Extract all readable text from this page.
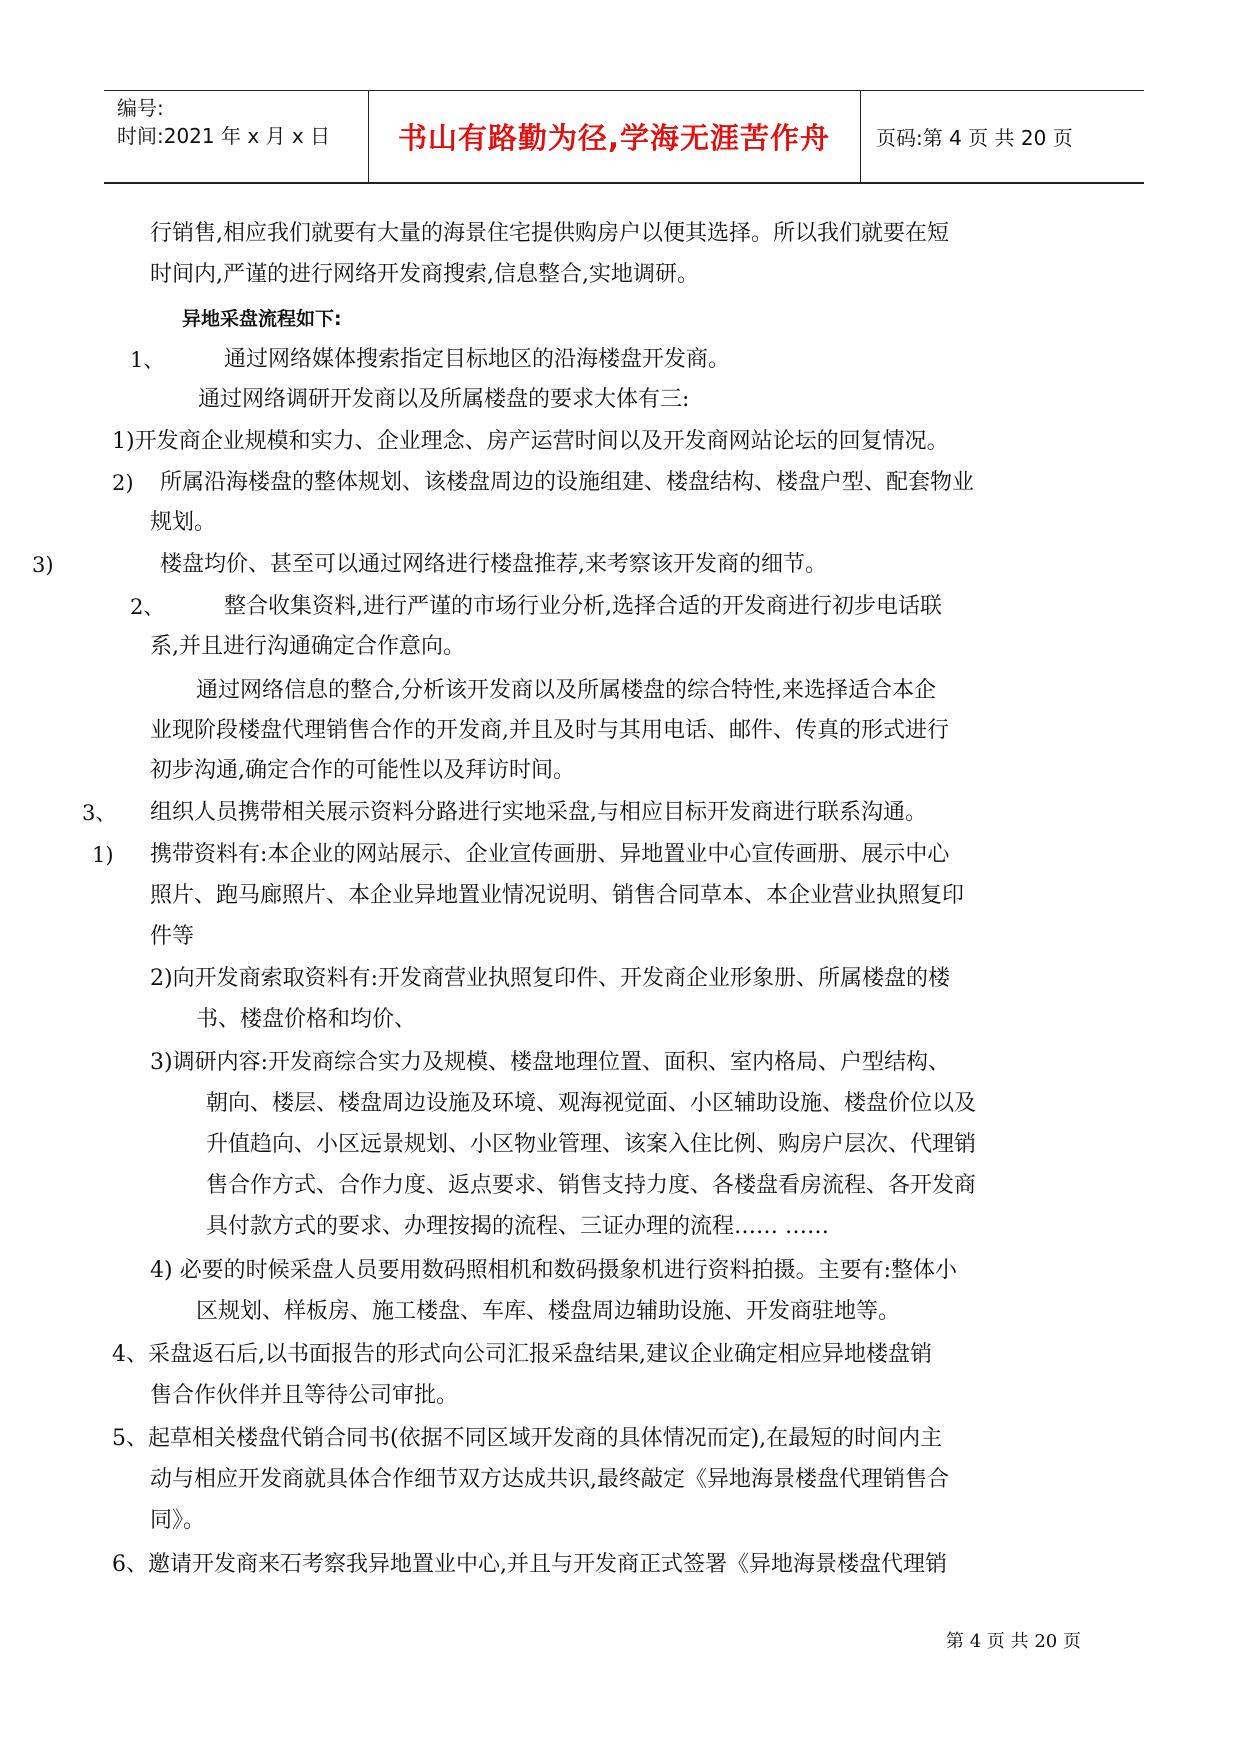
编号:
时间:2021 年 x 月 x 日	书山有路勤为径,学海无涯苦作舟	页码:第 4 页 共 20 页
行销售,相应我们就要有大量的海景住宅提供购房户以便其选择。所以我们就要在短
时间内,严谨的进行网络开发商搜索,信息整合,实地调研。
异地采盘流程如下:
1、	通过网络媒体搜索指定目标地区的沿海楼盘开发商。
通过网络调研开发商以及所属楼盘的要求大体有三:
1)开发商企业规模和实力、企业理念、房产运营时间以及开发商网站论坛的回复情况。
2) 所属沿海楼盘的整体规划、该楼盘周边的设施组建、楼盘结构、楼盘户型、配套物业
规划。
3)	楼盘均价、甚至可以通过网络进行楼盘推荐,来考察该开发商的细节。
2、	整合收集资料,进行严谨的市场行业分析,选择合适的开发商进行初步电话联
系,并且进行沟通确定合作意向。
通过网络信息的整合,分析该开发商以及所属楼盘的综合特性,来选择适合本企
业现阶段楼盘代理销售合作的开发商,并且及时与其用电话、邮件、传真的形式进行
初步沟通,确定合作的可能性以及拜访时间。
3、 组织人员携带相关展示资料分路进行实地采盘,与相应目标开发商进行联系沟通。
1) 携带资料有:本企业的网站展示、企业宣传画册、异地置业中心宣传画册、展示中心
照片、跑马廊照片、本企业异地置业情况说明、销售合同草本、本企业营业执照复印
件等
2)向开发商索取资料有:开发商营业执照复印件、开发商企业形象册、所属楼盘的楼
书、楼盘价格和均价、
3)调研内容:开发商综合实力及规模、楼盘地理位置、面积、室内格局、户型结构、
朝向、楼层、楼盘周边设施及环境、观海视觉面、小区辅助设施、楼盘价位以及
升值趋向、小区远景规划、小区物业管理、该案入住比例、购房户层次、代理销
售合作方式、合作力度、返点要求、销售支持力度、各楼盘看房流程、各开发商
具付款方式的要求、办理按揭的流程、三证办理的流程…… ……
4) 必要的时候采盘人员要用数码照相机和数码摄象机进行资料拍摄。主要有:整体小
区规划、样板房、施工楼盘、车库、楼盘周边辅助设施、开发商驻地等。
4、采盘返石后,以书面报告的形式向公司汇报采盘结果,建议企业确定相应异地楼盘销
售合作伙伴并且等待公司审批。
5、起草相关楼盘代销合同书(依据不同区域开发商的具体情况而定),在最短的时间内主
动与相应开发商就具体合作细节双方达成共识,最终敲定《异地海景楼盘代理销售合
同》。
6、邀请开发商来石考察我异地置业中心,并且与开发商正式签署《异地海景楼盘代理销
第 4 页 共 20 页
